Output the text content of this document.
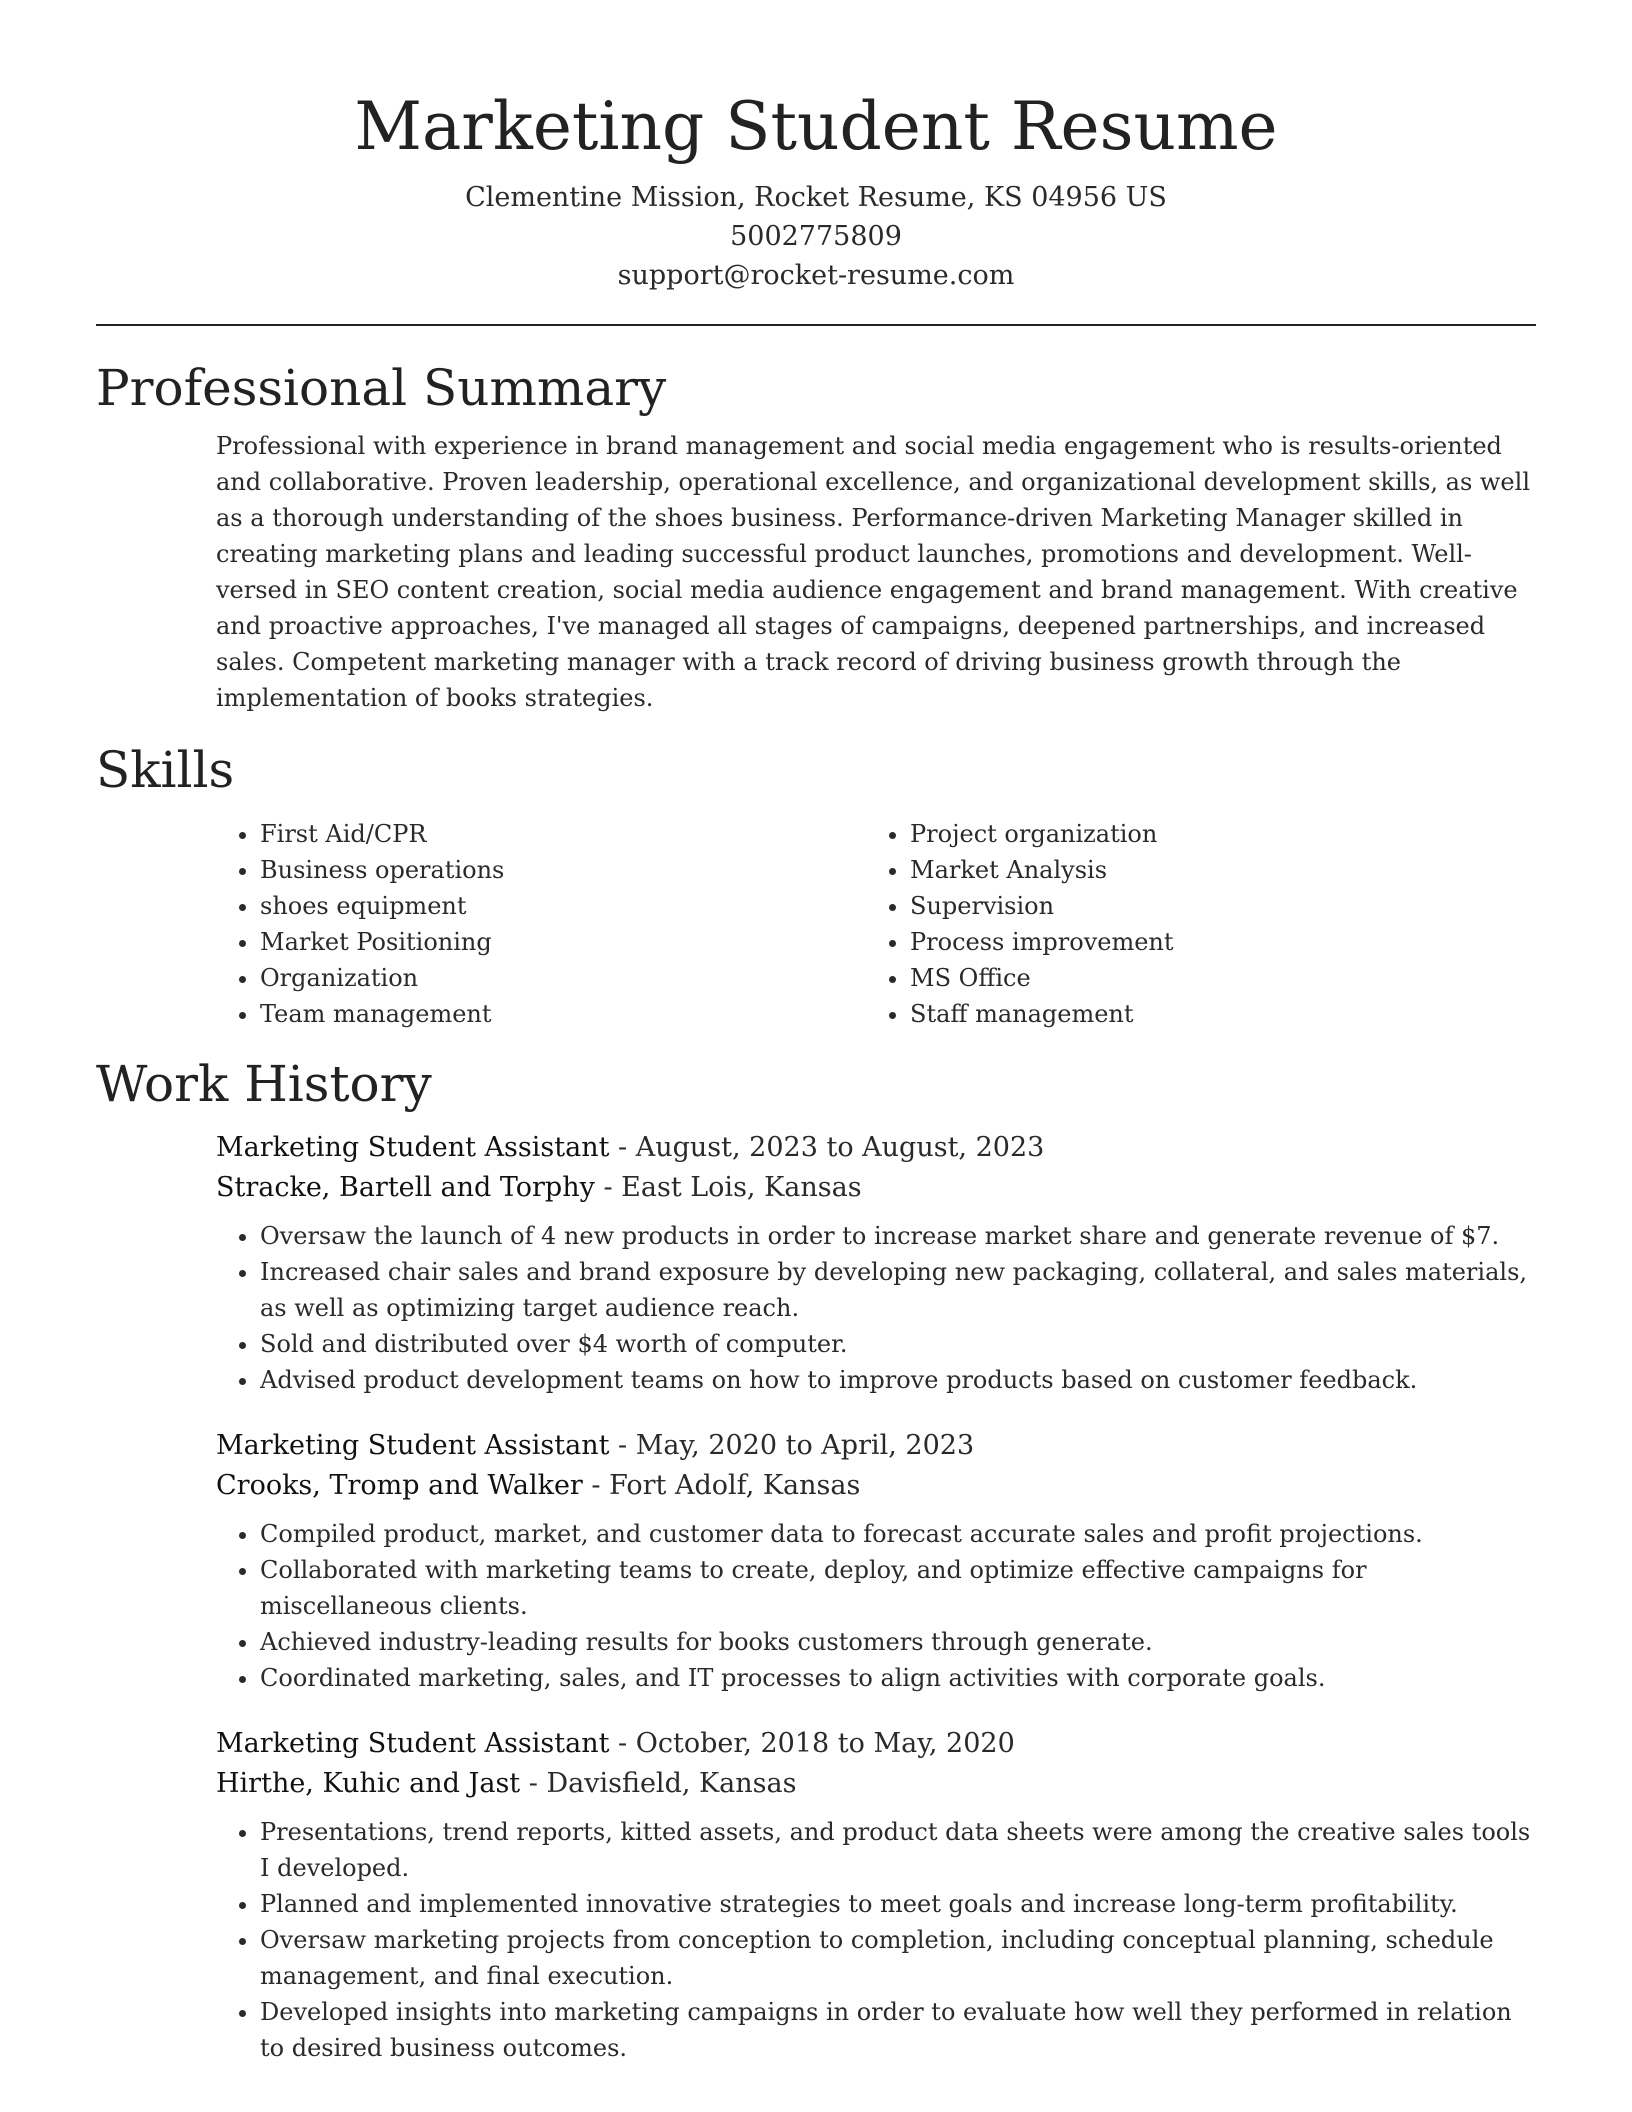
Marketing Student Resume
Clementine Mission, Rocket Resume, KS 04956 US
5002775809
support@rocket-resume.com
Professional Summary

Professional with experience in brand management and social media engagement who is results-oriented and collaborative. Proven leadership, operational excellence, and organizational development skills, as well as a thorough understanding of the shoes business. Performance-driven Marketing Manager skilled in creating marketing plans and leading successful product launches, promotions and development. Well-versed in SEO content creation, social media audience engagement and brand management. With creative and proactive approaches, I've managed all stages of campaigns, deepened partnerships, and increased sales. Competent marketing manager with a track record of driving business growth through the implementation of books strategies.

Skills
• First Aid/CPR
• Business operations
• shoes equipment
• Market Positioning
• Organization
• Team management
• Project organization
• Market Analysis
• Supervision
• Process improvement
• MS Office
• Staff management
Work History
Marketing Student Assistant - August, 2023 to August, 2023
Stracke, Bartell and Torphy - East Lois, Kansas
• Oversaw the launch of 4 new products in order to increase market share and generate revenue of $7.
• Increased chair sales and brand exposure by developing new packaging, collateral, and sales materials, as well as optimizing target audience reach.
• Sold and distributed over $4 worth of computer.
• Advised product development teams on how to improve products based on customer feedback.
Marketing Student Assistant - May, 2020 to April, 2023
Crooks, Tromp and Walker - Fort Adolf, Kansas
• Compiled product, market, and customer data to forecast accurate sales and profit projections.
• Collaborated with marketing teams to create, deploy, and optimize effective campaigns for miscellaneous clients.
• Achieved industry-leading results for books customers through generate.
• Coordinated marketing, sales, and IT processes to align activities with corporate goals.
Marketing Student Assistant - October, 2018 to May, 2020
Hirthe, Kuhic and Jast - Davisfield, Kansas
• Presentations, trend reports, kitted assets, and product data sheets were among the creative sales tools I developed.
• Planned and implemented innovative strategies to meet goals and increase long-term profitability.
• Oversaw marketing projects from conception to completion, including conceptual planning, schedule management, and final execution.
• Developed insights into marketing campaigns in order to evaluate how well they performed in relation to desired business outcomes.
